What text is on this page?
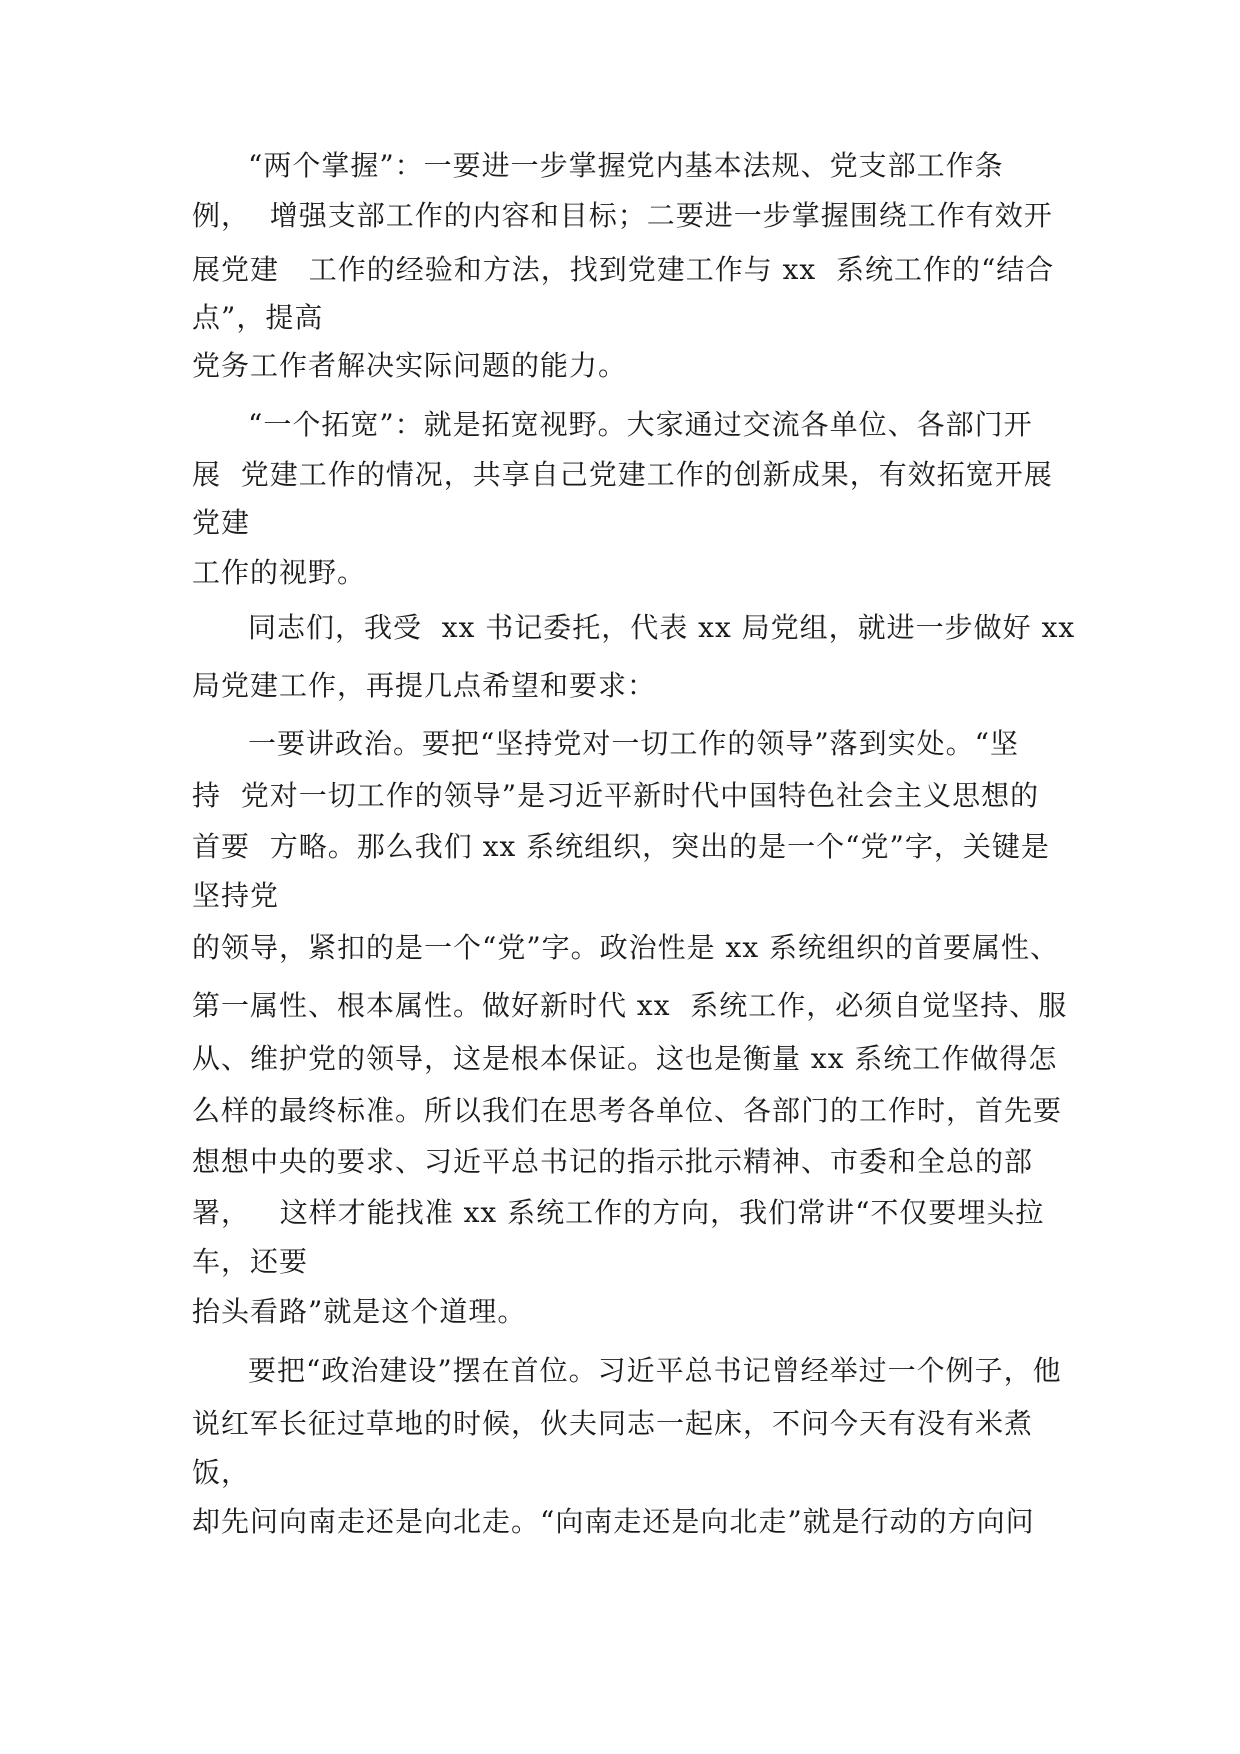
“两个掌握”：一要进一步掌握党内基本法规、党支部工作条
例，  增强支部工作的内容和目标；二要进一步掌握围绕工作有效开
展党建   工作的经验和方法，找到党建工作与 xx  系统工作的“结合
点”，提高
党务工作者解决实际问题的能力。
“一个拓宽”：就是拓宽视野。大家通过交流各单位、各部门开
展  党建工作的情况，共享自己党建工作的创新成果，有效拓宽开展
党建
工作的视野。
同志们，我受  xx 书记委托，代表 xx 局党组，就进一步做好 xx
局党建工作，再提几点希望和要求：
一要讲政治。要把“坚持党对一切工作的领导”落到实处。“坚
持  党对一切工作的领导”是习近平新时代中国特色社会主义思想的
首要  方略。那么我们 xx 系统组织，突出的是一个“党”字，关键是
坚持党
的领导，紧扣的是一个“党”字。政治性是 xx 系统组织的首要属性、
第一属性、根本属性。做好新时代 xx  系统工作，必须自觉坚持、服
从、维护党的领导，这是根本保证。这也是衡量 xx 系统工作做得怎
么样的最终标准。所以我们在思考各单位、各部门的工作时，首先要
想想中央的要求、习近平总书记的指示批示精神、市委和全总的部
署，   这样才能找准 xx 系统工作的方向，我们常讲“不仅要埋头拉
车，还要
抬头看路”就是这个道理。
要把“政治建设”摆在首位。习近平总书记曾经举过一个例子，他
说红军长征过草地的时候，伙夫同志一起床，不问今天有没有米煮
饭，
却先问向南走还是向北走。“向南走还是向北走”就是行动的方向问
